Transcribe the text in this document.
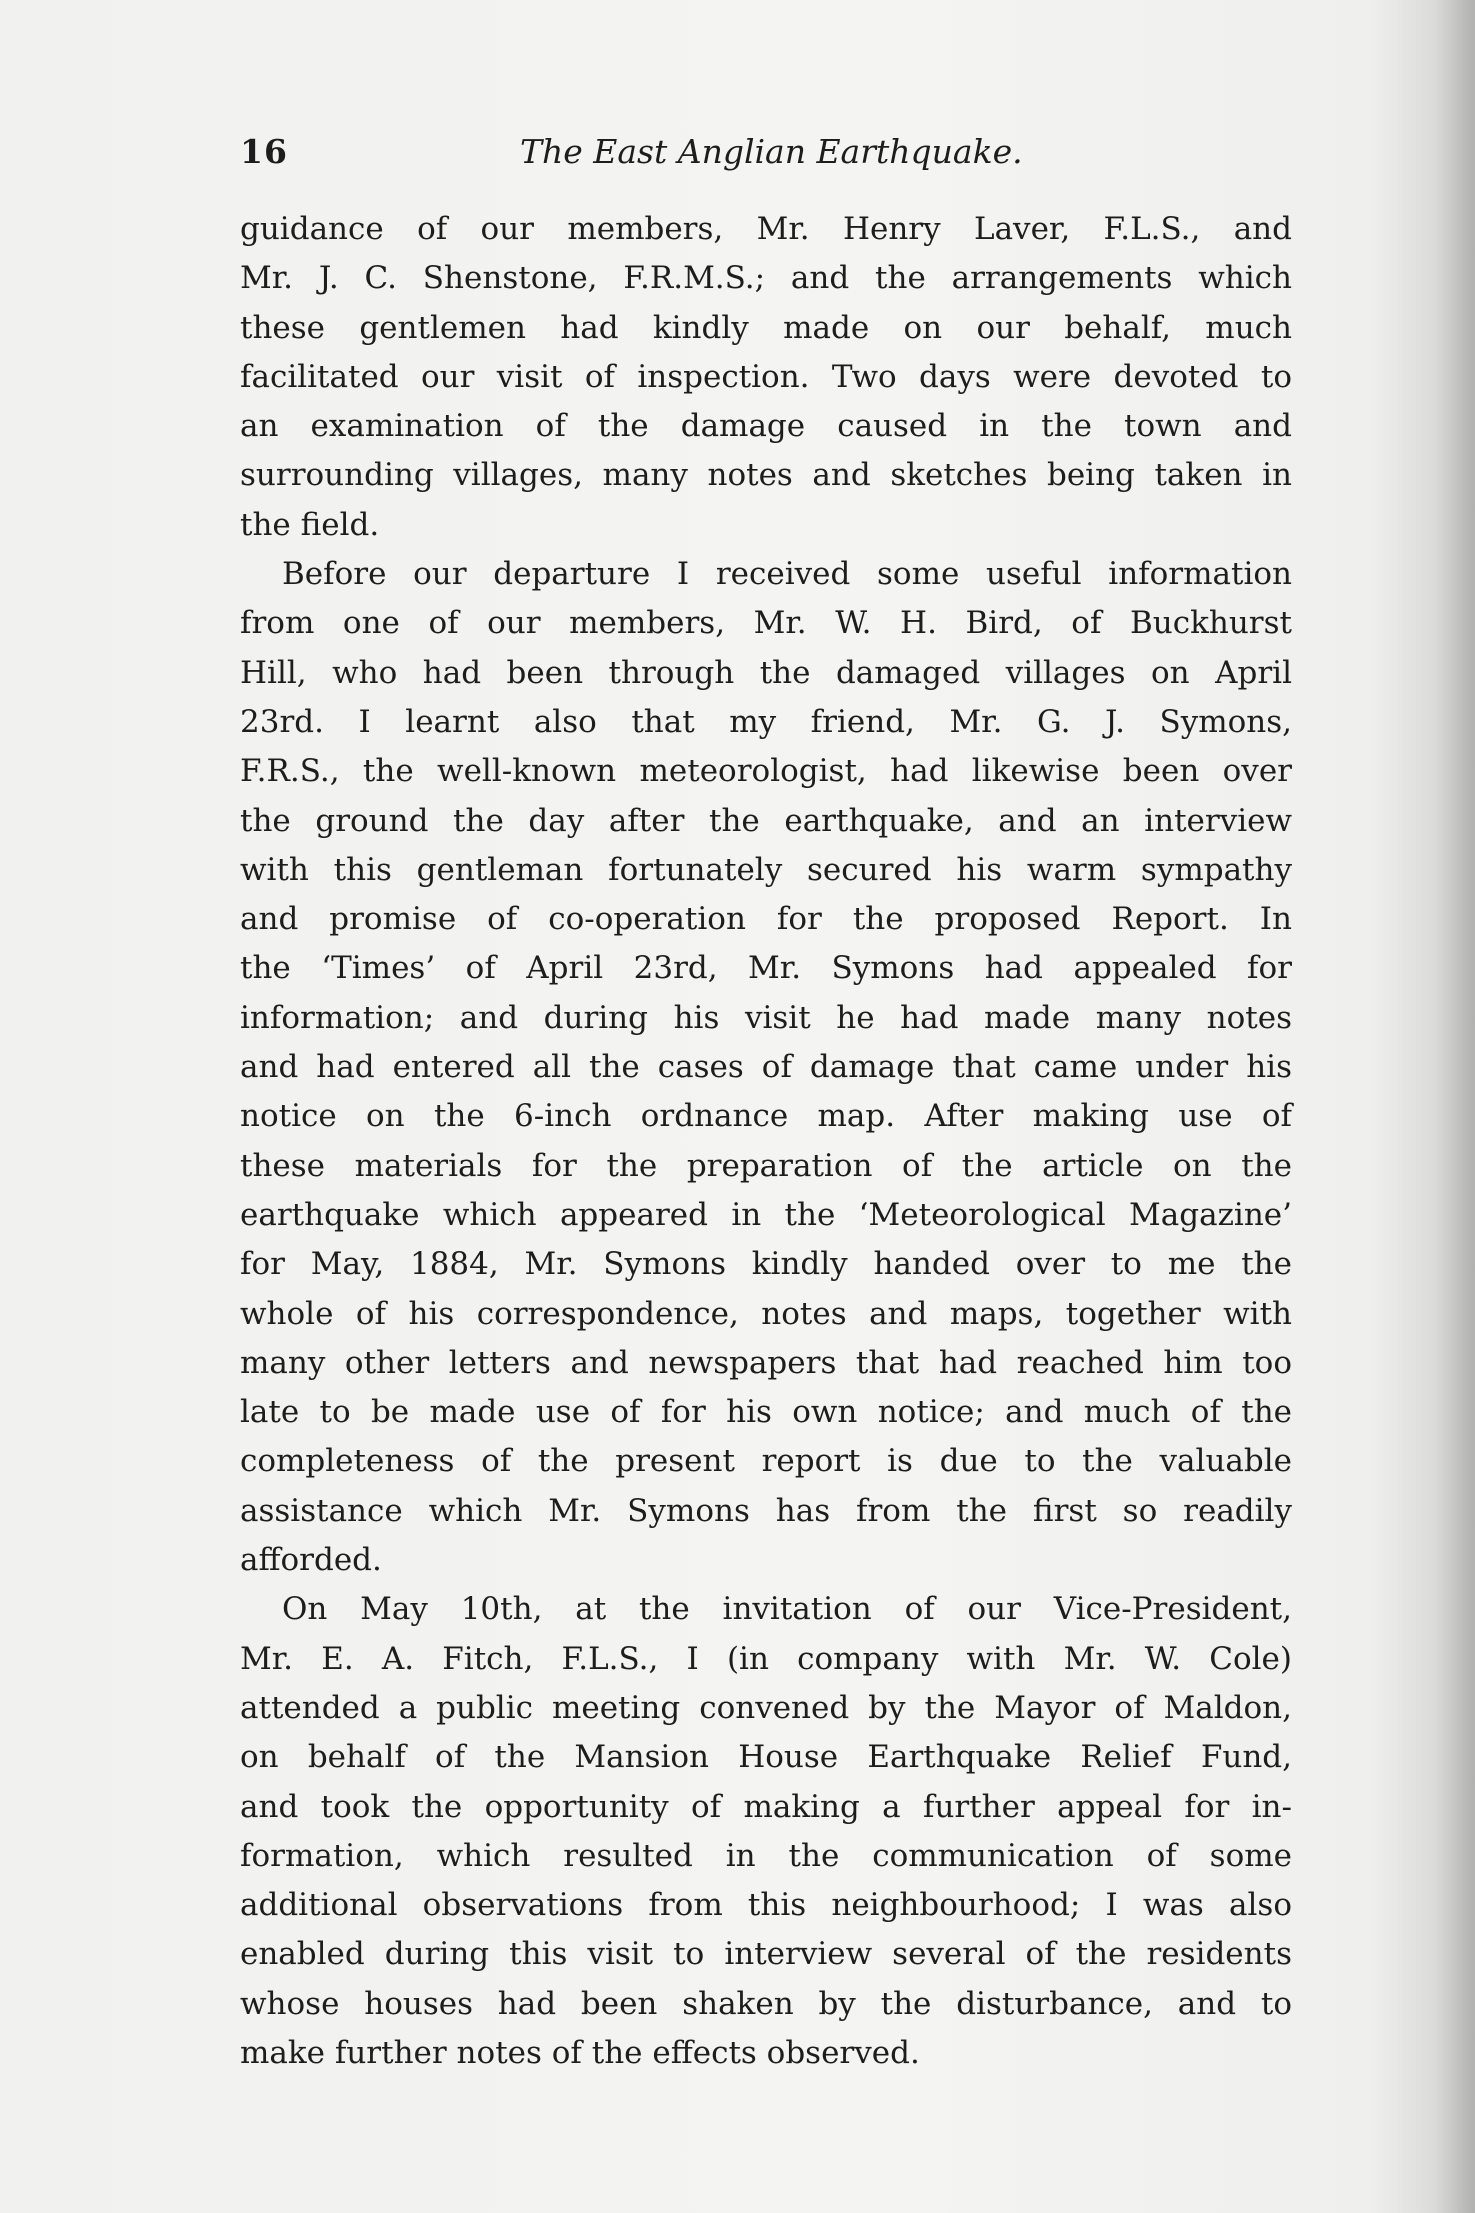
16	The East Anglian Earthquake.
guidance of our members, Mr. Henry Laver, F.L.S., and
Mr. J. C. Shenstone, F.R.M.S.; and the arrangements which
these gentlemen had kindly made on our behalf, much
facilitated our visit of inspection. Two days were devoted to
an examination of the damage caused in the town and
surrounding villages, many notes and sketches being taken in
the field.
Before our departure I received some useful information
from one of our members, Mr. W. H. Bird, of Buckhurst
Hill, who had been through the damaged villages on April
23rd. I learnt also that my friend, Mr. G. J. Symons,
F.R.S., the well-known meteorologist, had likewise been over
the ground the day after the earthquake, and an interview
with this gentleman fortunately secured his warm sympathy
and promise of co-operation for the proposed Report. In
the ‘Times’ of April 23rd, Mr. Symons had appealed for
information; and during his visit he had made many notes
and had entered all the cases of damage that came under his
notice on the 6-inch ordnance map. After making use of
these materials for the preparation of the article on the
earthquake which appeared in the ‘Meteorological Magazine’
for May, 1884, Mr. Symons kindly handed over to me the
whole of his correspondence, notes and maps, together with
many other letters and newspapers that had reached him too
late to be made use of for his own notice; and much of the
completeness of the present report is due to the valuable
assistance which Mr. Symons has from the first so readily
afforded.
On May 10th, at the invitation of our Vice-President,
Mr. E. A. Fitch, F.L.S., I (in company with Mr. W. Cole)
attended a public meeting convened by the Mayor of Maldon,
on behalf of the Mansion House Earthquake Relief Fund,
and took the opportunity of making a further appeal for in-
formation, which resulted in the communication of some
additional observations from this neighbourhood; I was also
enabled during this visit to interview several of the residents
whose houses had been shaken by the disturbance, and to
make further notes of the effects observed.
